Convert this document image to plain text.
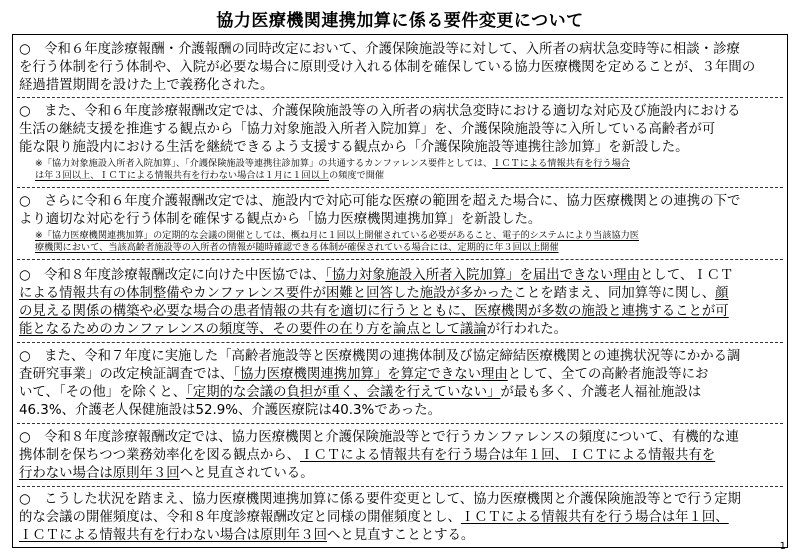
協力医療機関連携加算に係る要件変更について
○　令和６年度診療報酬・介護報酬の同時改定において、介護保険施設等に対して、入所者の病状急変時等に相談・診療
を行う体制を行う体制や、入院が必要な場合に原則受け入れる体制を確保している協力医療機関を定めることが、３年間の
経過措置期間を設けた上で義務化された。
○　また、令和６年度診療報酬改定では、介護保険施設等の入所者の病状急変時における適切な対応及び施設内における
生活の継続支援を推進する観点から「協力対象施設入所者入院加算」を、介護保険施設等に入所している高齢者が可
能な限り施設内における生活を継続できるよう支援する観点から「介護保険施設等連携往診加算」を新設した。
※「協力対象施設入所者入院加算」、「介護保険施設等連携往診加算」の共通するカンファレンス要件としては、ＩＣＴによる情報共有を行う場合
は年３回以上、ＩＣＴによる情報共有を行わない場合は１月に１回以上の頻度で開催
○　さらに令和６年度介護報酬改定では、施設内で対応可能な医療の範囲を超えた場合に、協力医療機関との連携の下で
より適切な対応を行う体制を確保する観点から「協力医療機関連携加算」を新設した。
※「協力医療機関連携加算」の定期的な会議の開催としては、概ね月に１回以上開催されている必要があること、電子的システムにより当該協力医
療機関において、当該高齢者施設等の入所者の情報が随時確認できる体制が確保されている場合には、定期的に年３回以上開催
○　令和８年度診療報酬改定に向けた中医協では、「協力対象施設入所者入院加算」を届出できない理由として、ＩＣＴ
による情報共有の体制整備やカンファレンス要件が困難と回答した施設が多かったことを踏まえ、同加算等に関し、顔
の見える関係の構築や必要な場合の患者情報の共有を適切に行うとともに、医療機関が多数の施設と連携することが可
能となるためのカンファレンスの頻度等、その要件の在り方を論点として議論が行われた。
○　また、令和７年度に実施した「高齢者施設等と医療機関の連携体制及び協定締結医療機関との連携状況等にかかる調
査研究事業」の改定検証調査では、「協力医療機関連携加算」を算定できない理由として、全ての高齢者施設等にお
いて、「その他」を除くと、「定期的な会議の負担が重く、会議を行えていない」が最も多く、介護老人福祉施設は
46.3%、介護老人保健施設は52.9%、介護医療院は40.3%であった。
○　令和８年度診療報酬改定では、協力医療機関と介護保険施設等とで行うカンファレンスの頻度について、有機的な連
携体制を保ちつつ業務効率化を図る観点から、ＩＣＴによる情報共有を行う場合は年１回、ＩＣＴによる情報共有を
行わない場合は原則年３回へと見直されている。
○　こうした状況を踏まえ、協力医療機関連携加算に係る要件変更として、協力医療機関と介護保険施設等とで行う定期
的な会議の開催頻度は、令和８年度診療報酬改定と同様の開催頻度とし、ＩＣＴによる情報共有を行う場合は年１回、
ＩＣＴによる情報共有を行わない場合は原則年３回へと見直すこととする。
1
